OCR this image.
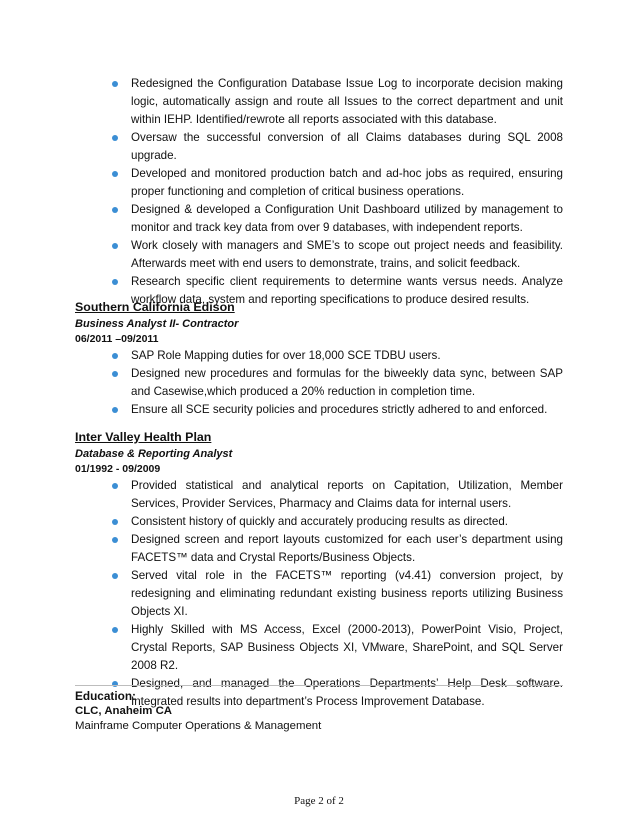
Redesigned the Configuration Database Issue Log to incorporate decision making logic, automatically assign and route all Issues to the correct department and unit within IEHP. Identified/rewrote all reports associated with this database.
Oversaw the successful conversion of all Claims databases during SQL 2008 upgrade.
Developed and monitored production batch and ad-hoc jobs as required, ensuring proper functioning and completion of critical business operations.
Designed & developed a Configuration Unit Dashboard utilized by management to monitor and track key data from over 9 databases, with independent reports.
Work closely with managers and SME’s to scope out project needs and feasibility. Afterwards meet with end users to demonstrate, trains, and solicit feedback.
Research specific client requirements to determine wants versus needs. Analyze workflow data, system and reporting specifications to produce desired results.
Southern California Edison
Business Analyst II- Contractor
06/2011 –09/2011
SAP Role Mapping duties for over 18,000 SCE TDBU users.
Designed new procedures and formulas for the biweekly data sync, between SAP and Casewise,which produced a 20% reduction in completion time.
Ensure all SCE security policies and procedures strictly adhered to and enforced.
Inter Valley Health Plan
Database & Reporting Analyst
01/1992 - 09/2009
Provided statistical and analytical reports on Capitation, Utilization, Member Services, Provider Services, Pharmacy and Claims data for internal users.
Consistent history of quickly and accurately producing results as directed.
Designed screen and report layouts customized for each user’s department using FACETS™ data and Crystal Reports/Business Objects.
Served vital role in the FACETS™ reporting (v4.41) conversion project, by redesigning and eliminating redundant existing business reports utilizing Business Objects XI.
Highly Skilled with MS Access, Excel (2000-2013), PowerPoint Visio, Project, Crystal Reports, SAP Business Objects XI, VMware, SharePoint, and SQL Server 2008 R2.
Designed, and managed the Operations Departments’ Help Desk software. Integrated results into department’s Process Improvement Database.
Education:
CLC, Anaheim CA
Mainframe Computer Operations & Management
Page 2 of 2
